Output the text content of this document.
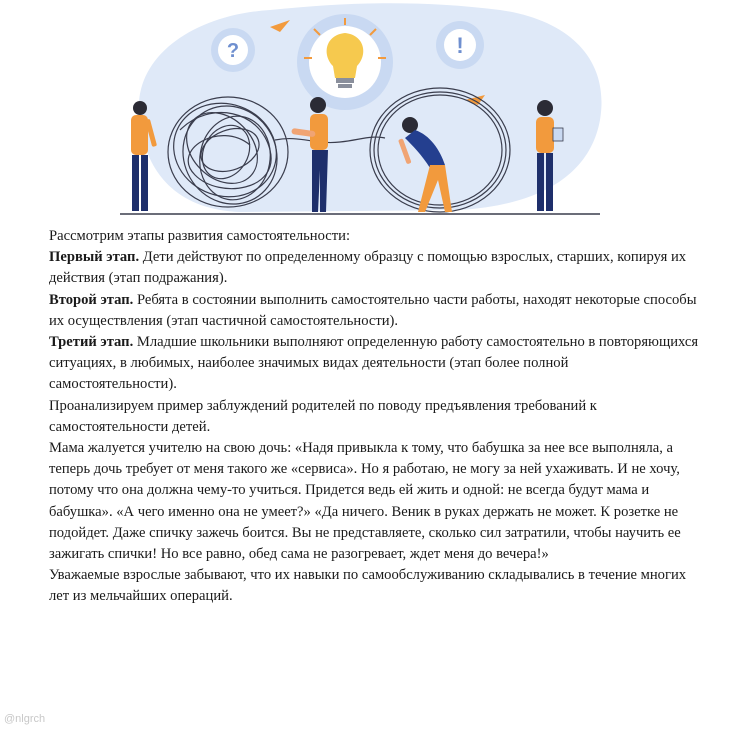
?	!

Рассмотрим этапы развития самостоятельности:

Первый этап. Дети действуют по определенному образцу с помощью взрослых, старших, копируя их действия (этап подражания).

Второй этап. Ребята в состоянии выполнить самостоятельно части работы, находят некоторые способы их осуществления (этап частичной самостоятельности).

Третий этап. Младшие школьники выполняют определенную работу самостоятельно в повторяющихся ситуациях, в любимых, наиболее значимых видах деятельности (этап более полной самостоятельности).

Проанализируем пример заблуждений родителей по поводу предъявления требований к самостоятельности детей.

Мама жалуется учителю на свою дочь: «Надя привыкла к тому, что бабушка за нее все выполняла, а теперь дочь требует от меня такого же «сервиса». Но я работаю, не могу за ней ухаживать. И не хочу, потому что она должна чему-то учиться. Придется ведь ей жить и одной: не всегда будут мама и бабушка». «А чего именно она не умеет?» «Да ничего. Веник в руках держать не может. К розетке не подойдет. Даже спичку зажечь боится. Вы не представляете, сколько сил затратили, чтобы научить ее зажигать спички! Но все равно, обед сама не разогревает, ждет меня до вечера!»

Уважаемые взрослые забывают, что их навыки по самообслуживанию складывались в течение многих лет из мельчайших операций.

@nlgrch
